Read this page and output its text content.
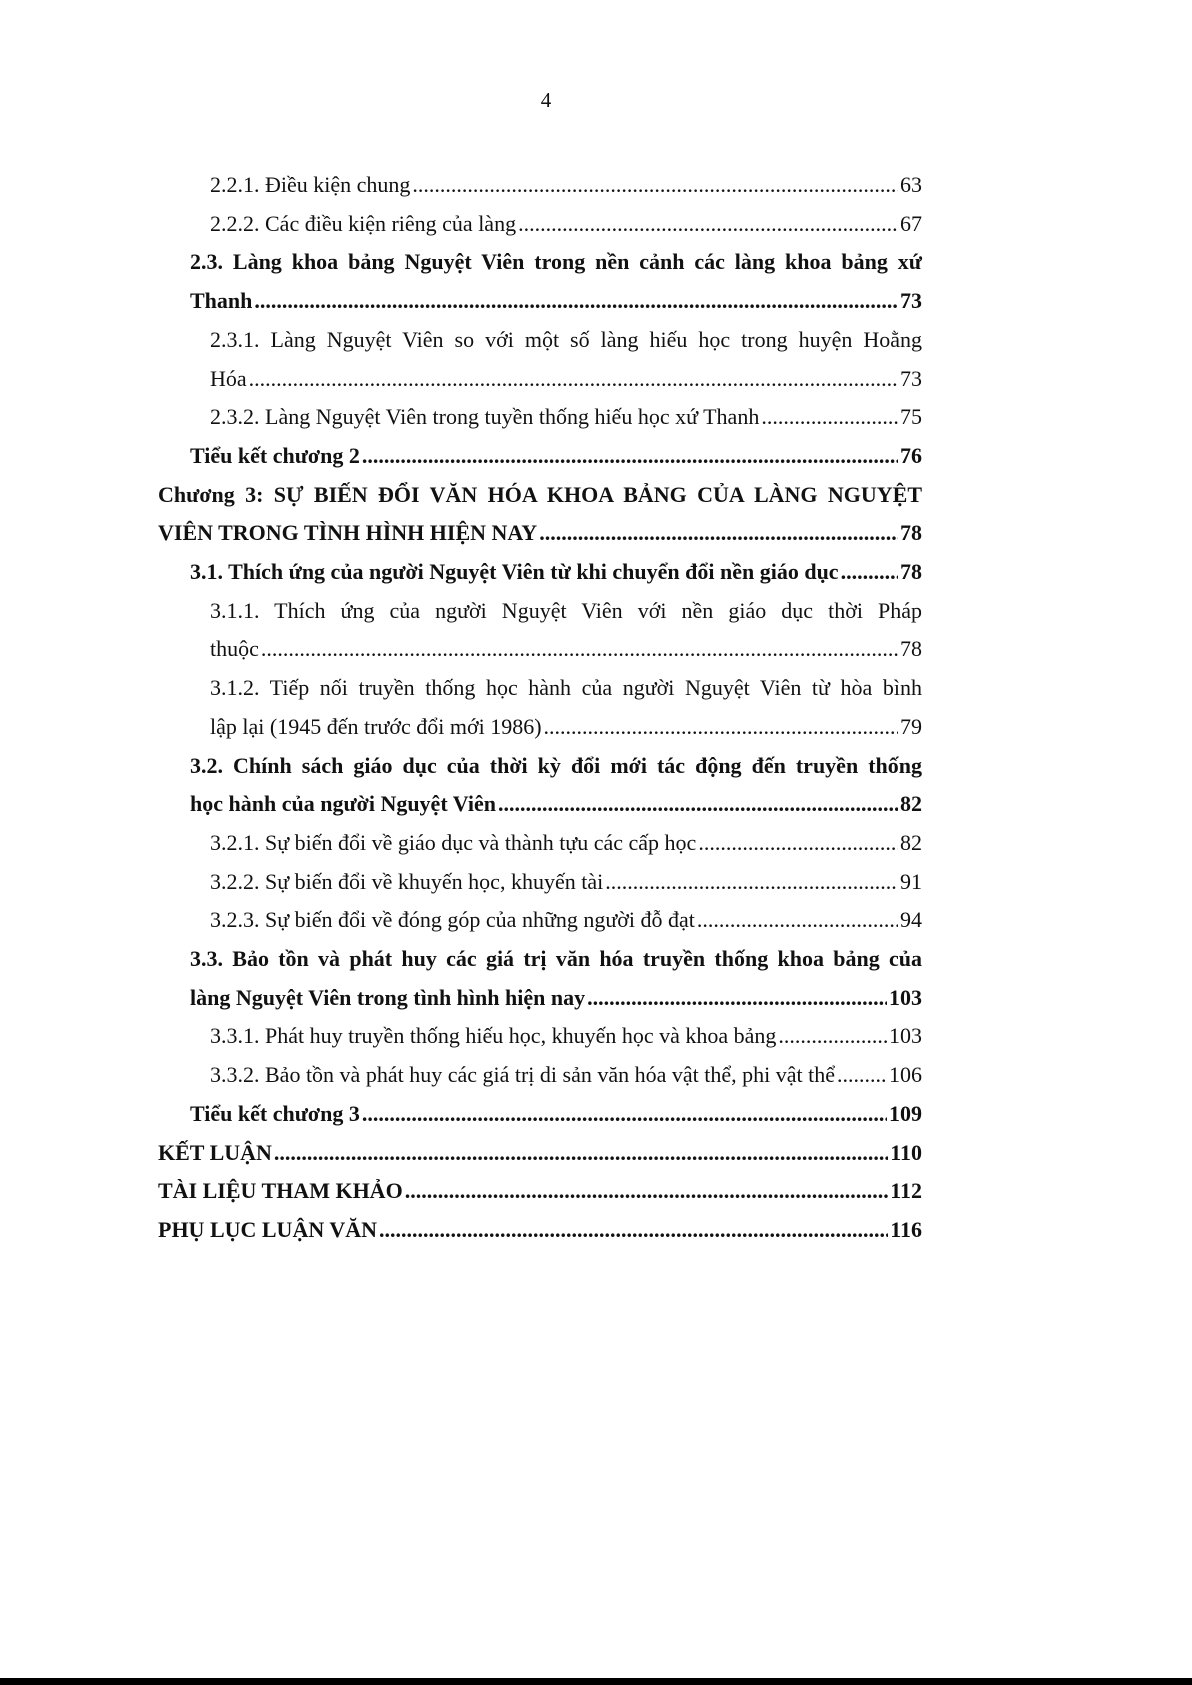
4
2.2.1. Điều kiện chung .....	63
2.2.2. Các điều kiện riêng của làng .....	67
2.3. Làng khoa bảng Nguyệt Viên trong nền cảnh các làng khoa bảng xứ
Thanh .....	73
2.3.1. Làng Nguyệt Viên so với một số làng hiếu học trong huyện Hoằng
Hóa .....	73
2.3.2. Làng Nguyệt Viên trong tuyền thống hiếu học xứ Thanh .....	75
Tiểu kết chương 2 .....	76
Chương 3: SỰ BIẾN ĐỔI VĂN HÓA KHOA BẢNG CỦA LÀNG NGUYỆT
VIÊN TRONG TÌNH HÌNH HIỆN NAY .....	78
3.1. Thích ứng của người Nguyệt Viên từ khi chuyển đổi nền giáo dục .....	78
3.1.1. Thích ứng của người Nguyệt Viên với nền giáo dục thời Pháp
thuộc .....	78
3.1.2. Tiếp nối truyền thống học hành của người Nguyệt Viên từ hòa bình
lập lại (1945 đến trước đổi mới 1986) .....	79
3.2. Chính sách giáo dục của thời kỳ đổi mới tác động đến truyền thống
học hành của người Nguyệt Viên .....	82
3.2.1. Sự biến đổi về giáo dục và thành tựu các cấp học .....	82
3.2.2. Sự biến đổi về khuyến học, khuyến tài .....	91
3.2.3. Sự biến đổi về đóng góp của những người đỗ đạt .....	94
3.3. Bảo tồn và phát huy các giá trị văn hóa truyền thống khoa bảng của
làng Nguyệt Viên trong tình hình hiện nay .....	103
3.3.1. Phát huy truyền thống hiếu học, khuyến học và khoa bảng .....	103
3.3.2. Bảo tồn và phát huy các giá trị di sản văn hóa vật thể, phi vật thể ..... 106
Tiểu kết chương 3 .....	109
KẾT LUẬN .....	110
TÀI LIỆU THAM KHẢO .....	112
PHỤ LỤC LUẬN VĂN .....	116
